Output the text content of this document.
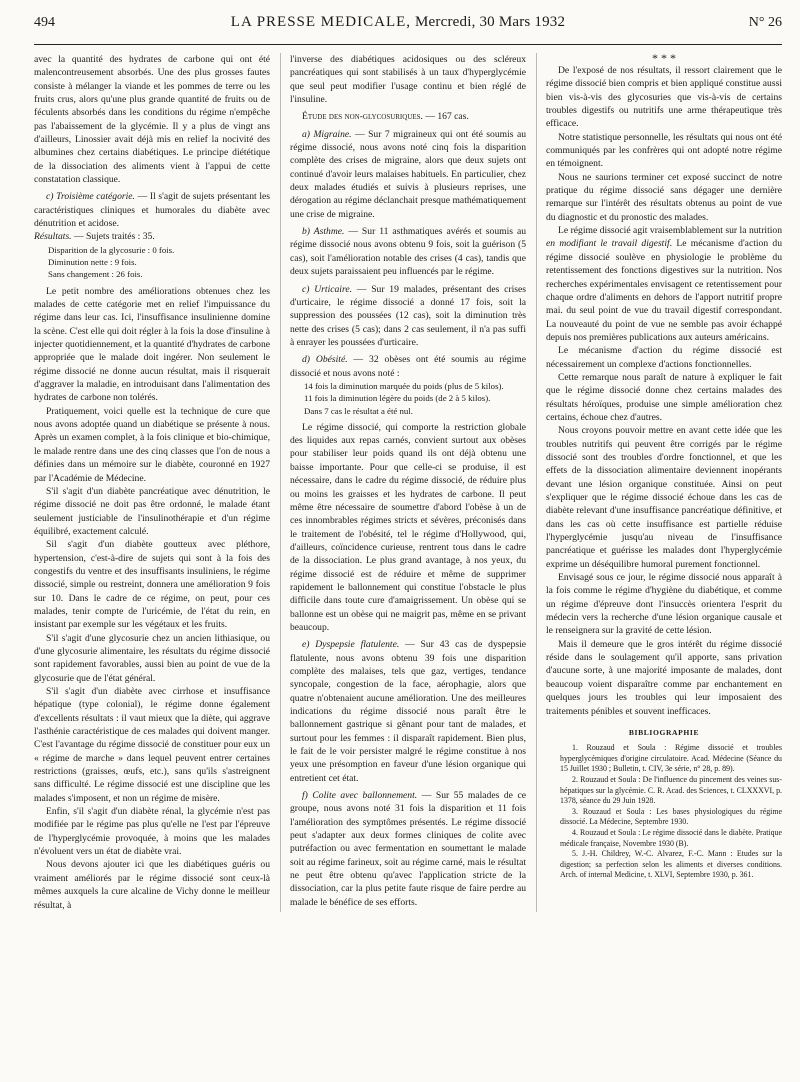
494	LA PRESSE MEDICALE, Mercredi, 30 Mars 1932	N° 26

avec la quantité des hydrates de carbone qui ont été malencontreusement absorbés. Une des plus grosses fautes consiste à mélanger la viande et les pommes de terre ou les fruits crus, alors qu'une plus grande quantité de fruits ou de féculents absorbés dans les conditions du régime n'empêche pas l'abaissement de la glycémie. Il y a plus de vingt ans d'ailleurs, Linossier avait déjà mis en relief la nocivité des albumines chez certains diabétiques. Le principe diététique de la dissociation des aliments vient à l'appui de cette constatation classique.

c) Troisième catégorie. — Il s'agit de sujets présentant les caractéristiques cliniques et humorales du diabète avec dénutrition et acidose.

Résultats. — Sujets traités : 35.

Disparition de la glycosurie : 0 fois.

Diminution nette : 9 fois.

Sans changement : 26 fois.

Le petit nombre des améliorations obtenues chez les malades de cette catégorie met en relief l'impuissance du régime dans leur cas. Ici, l'insuffisance insulinienne domine la scène. C'est elle qui doit régler à la fois la dose d'insuline à injecter quotidiennement, et la quantité d'hydrates de carbone appropriée que le malade doit ingérer. Non seulement le régime dissocié ne donne aucun résultat, mais il risquerait d'aggraver la maladie, en introduisant dans l'alimentation des hydrates de carbone non tolérés.

Pratiquement, voici quelle est la technique de cure que nous avons adoptée quand un diabétique se présente à nous. Après un examen complet, à la fois clinique et bio-chimique, le malade rentre dans une des cinq classes que l'on de nous a définies dans un mémoire sur le diabète, couronné en 1927 par l'Académie de Médecine.

S'il s'agit d'un diabète pancréatique avec dénutrition, le régime dissocié ne doit pas être ordonné, le malade étant seulement justiciable de l'insulinothérapie et d'un régime équilibré, exactement calculé.

Sil s'agit d'un diabète goutteux avec pléthore, hypertension, c'est-à-dire de sujets qui sont à la fois des congestifs du ventre et des insuffisants insuliniens, le régime dissocié, simple ou restreint, donnera une amélioration 9 fois sur 10. Dans le cadre de ce régime, on peut, pour ces malades, tenir compte de l'uricémie, de l'état du rein, en insistant par exemple sur les végétaux et les fruits.

S'il s'agit d'une glycosurie chez un ancien lithiasique, ou d'une glycosurie alimentaire, les résultats du régime dissocié sont rapidement favorables, aussi bien au point de vue de la glycosurie que de l'état général.

S'il s'agit d'un diabète avec cirrhose et insuffisance hépatique (type colonial), le régime donne également d'excellents résultats : il vaut mieux que la diète, qui aggrave l'asthénie caractéristique de ces malades qui doivent manger. C'est l'avantage du régime dissocié de constituer pour eux un « régime de marche » dans lequel peuvent entrer certaines restrictions (graisses, œufs, etc.), sans qu'ils s'astreignent sans difficulté. Le régime dissocié est une discipline que les malades s'imposent, et non un régime de misère.

Enfin, s'il s'agit d'un diabète rénal, la glycémie n'est pas modifiée par le régime pas plus qu'elle ne l'est par l'épreuve de l'hyperglycémie provoquée, à moins que les malades n'évoluent vers un état de diabète vrai.

Nous devons ajouter ici que les diabétiques guéris ou vraiment améliorés par le régime dissocié sont ceux-là mêmes auxquels la cure alcaline de Vichy donne le meilleur résultat, à

l'inverse des diabétiques acidosiques ou des scléreux pancréatiques qui sont stabilisés à un taux d'hyperglycémie que seul peut modifier l'usage continu et bien réglé de l'insuline.

Étude des non-glycosuriques. — 167 cas.

a) Migraine. — Sur 7 migraineux qui ont été soumis au régime dissocié, nous avons noté cinq fois la disparition complète des crises de migraine, alors que deux sujets ont continué d'avoir leurs malaises habituels. En particulier, chez deux malades étudiés et suivis à plusieurs reprises, une dérogation au régime déclanchait presque mathématiquement une crise de migraine.

b) Asthme. — Sur 11 asthmatiques avérés et soumis au régime dissocié nous avons obtenu 9 fois, soit la guérison (5 cas), soit l'amélioration notable des crises (4 cas), tandis que deux sujets paraissaient peu influencés par le régime.

c) Urticaire. — Sur 19 malades, présentant des crises d'urticaire, le régime dissocié a donné 17 fois, soit la suppression des poussées (12 cas), soit la diminution très nette des crises (5 cas); dans 2 cas seulement, il n'a pas suffi à enrayer les poussées d'urticaire.

d) Obésité. — 32 obèses ont été soumis au régime dissocié et nous avons noté :

14 fois la diminution marquée du poids (plus de 5 kilos).

11 fois la diminution légère du poids (de 2 à 5 kilos).

Dans 7 cas le résultat a été nul.

Le régime dissocié, qui comporte la restriction globale des liquides aux repas carnés, convient surtout aux obèses pour stabiliser leur poids quand ils ont déjà obtenu une baisse importante. Pour que celle-ci se produise, il est nécessaire, dans le cadre du régime dissocié, de réduire plus ou moins les graisses et les hydrates de carbone. Il peut même être nécessaire de soumettre d'abord l'obèse à un de ces innombrables régimes stricts et sévères, préconisés dans le traitement de l'obésité, tel le régime d'Hollywood, qui, d'ailleurs, coïncidence curieuse, rentrent tous dans le cadre de la dissociation. Le plus grand avantage, à nos yeux, du régime dissocié est de réduire et même de supprimer rapidement le ballonnement qui constitue l'obstacle le plus difficile dans toute cure d'amaigrissement. Un obèse qui se ballonne est un obèse qui ne maigrit pas, même en se privant beaucoup.

e) Dyspepsie flatulente. — Sur 43 cas de dyspepsie flatulente, nous avons obtenu 39 fois une disparition complète des malaises, tels que gaz, vertiges, tendance syncopale, congestion de la face, aérophagie, alors que quatre n'obtenaient aucune amélioration. Une des meilleures indications du régime dissocié nous paraît être le ballonnement gastrique si gênant pour tant de malades, et surtout pour les femmes : il disparaît rapidement. Bien plus, le fait de le voir persister malgré le régime constitue à nos yeux une présomption en faveur d'une lésion organique qui entretient cet état.

f) Colite avec ballonnement. — Sur 55 malades de ce groupe, nous avons noté 31 fois la disparition et 11 fois l'amélioration des symptômes présentés. Le régime dissocié peut s'adapter aux deux formes cliniques de colite avec putréfaction ou avec fermentation en soumettant le malade soit au régime farineux, soit au régime carné, mais le résultat ne peut être obtenu qu'avec l'application stricte de la dissociation, car la plus petite faute risque de faire perdre au malade le bénéfice de ses efforts.

* * *

De l'exposé de nos résultats, il ressort clairement que le régime dissocié bien compris et bien appliqué constitue aussi bien vis-à-vis des glycosuries que vis-à-vis de certains troubles digestifs ou nutritifs une arme thérapeutique très efficace.

Notre statistique personnelle, les résultats qui nous ont été communiqués par les confrères qui ont adopté notre régime en témoignent.

Nous ne saurions terminer cet exposé succinct de notre pratique du régime dissocié sans dégager une dernière remarque sur l'intérêt des résultats obtenus au point de vue du diagnostic et du pronostic des malades.

Le régime dissocié agit vraisemblablement sur la nutrition en modifiant le travail digestif. Le mécanisme d'action du régime dissocié soulève en physiologie le problème du retentissement des fonctions digestives sur la nutrition. Nos recherches expérimentales envisagent ce retentissement pour chaque ordre d'aliments en dehors de l'apport nutritif propre mai. du seul point de vue du travail digestif correspondant. La nouveauté du point de vue ne semble pas avoir échappé depuis nos premières publications aux auteurs américains.

Le mécanisme d'action du régime dissocié est nécessairement un complexe d'actions fonctionnelles.

Cette remarque nous paraît de nature à expliquer le fait que le régime dissocié donne chez certains malades des résultats héroïques, produise une simple amélioration chez certains, échoue chez d'autres.

Nous croyons pouvoir mettre en avant cette idée que les troubles nutritifs qui peuvent être corrigés par le régime dissocié sont des troubles d'ordre fonctionnel, et que les effets de la dissociation alimentaire deviennent inopérants devant une lésion organique constituée. Ainsi on peut s'expliquer que le régime dissocié échoue dans les cas de diabète relevant d'une insuffisance pancréatique définitive, et dans les cas où cette insuffisance est partielle réduise l'hyperglycémie jusqu'au niveau de l'insuffisance pancréatique et guérisse les malades dont l'hyperglycémie exprime un déséquilibre humoral purement fonctionnel.

Envisagé sous ce jour, le régime dissocié nous apparaît à la fois comme le régime d'hygiène du diabétique, et comme un régime d'épreuve dont l'insuccès orientera l'esprit du médecin vers la recherche d'une lésion organique causale et le renseignera sur la gravité de cette lésion.

Mais il demeure que le gros intérêt du régime dissocié réside dans le soulagement qu'il apporte, sans privation d'aucune sorte, à une majorité imposante de malades, dont beaucoup voient disparaître comme par enchantement en quelques jours les troubles qui leur imposaient des traitements pénibles et souvent inefficaces.

BIBLIOGRAPHIE

1. Rouzaud et Soula : Régime dissocié et troubles hyperglycémiques d'origine circulatoire. Acad. Médecine (Séance du 15 Juillet 1930 ; Bulletin, t. CIV, 3e série, n° 28, p. 89).

2. Rouzaud et Soula : De l'influence du pincement des veines sus-hépatiques sur la glycémie. C. R. Acad. des Sciences, t. CLXXXVI, p. 1378, séance du 29 Juin 1928.

3. Rouzaud et Soula : Les bases physiologiques du régime dissocié. La Médecine, Septembre 1930.

4. Rouzaud et Soula : Le régime dissocié dans le diabète. Pratique médicale française, Novembre 1930 (B).

5. J.-H. Childrey, W.-C. Alvarez, F.-C. Mann : Etudes sur la digestion; sa perfection selon les aliments et diverses conditions. Arch. of internal Medicine, t. XLVI, Septembre 1930, p. 361.
